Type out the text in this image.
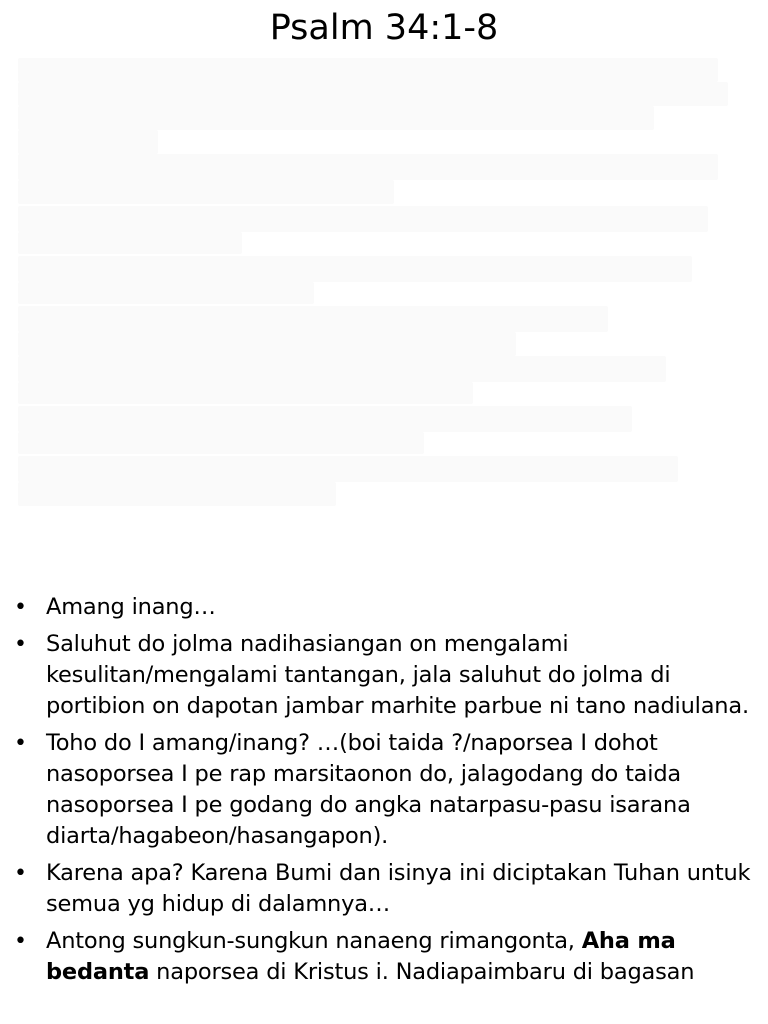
Psalm 34:1-8
• Amang inang…
• Saluhut do jolma nadihasiangan on mengalami kesulitan/mengalami tantangan, jala saluhut do jolma di portibion on dapotan jambar marhite parbue ni tano nadiulana.
• Toho do I amang/inang? …(boi taida ?/naporsea I dohot nasoporsea I pe rap marsitaonon do, jalagodang do taida nasoporsea I pe godang do angka natarpasu-pasu isarana diarta/hagabeon/hasangapon).
• Karena apa? Karena Bumi dan isinya ini diciptakan Tuhan untuk semua yg hidup di dalamnya…
• Antong sungkun-sungkun nanaeng rimangonta, Aha ma bedanta naporsea di Kristus i. Nadiapaimbaru di bagasan
